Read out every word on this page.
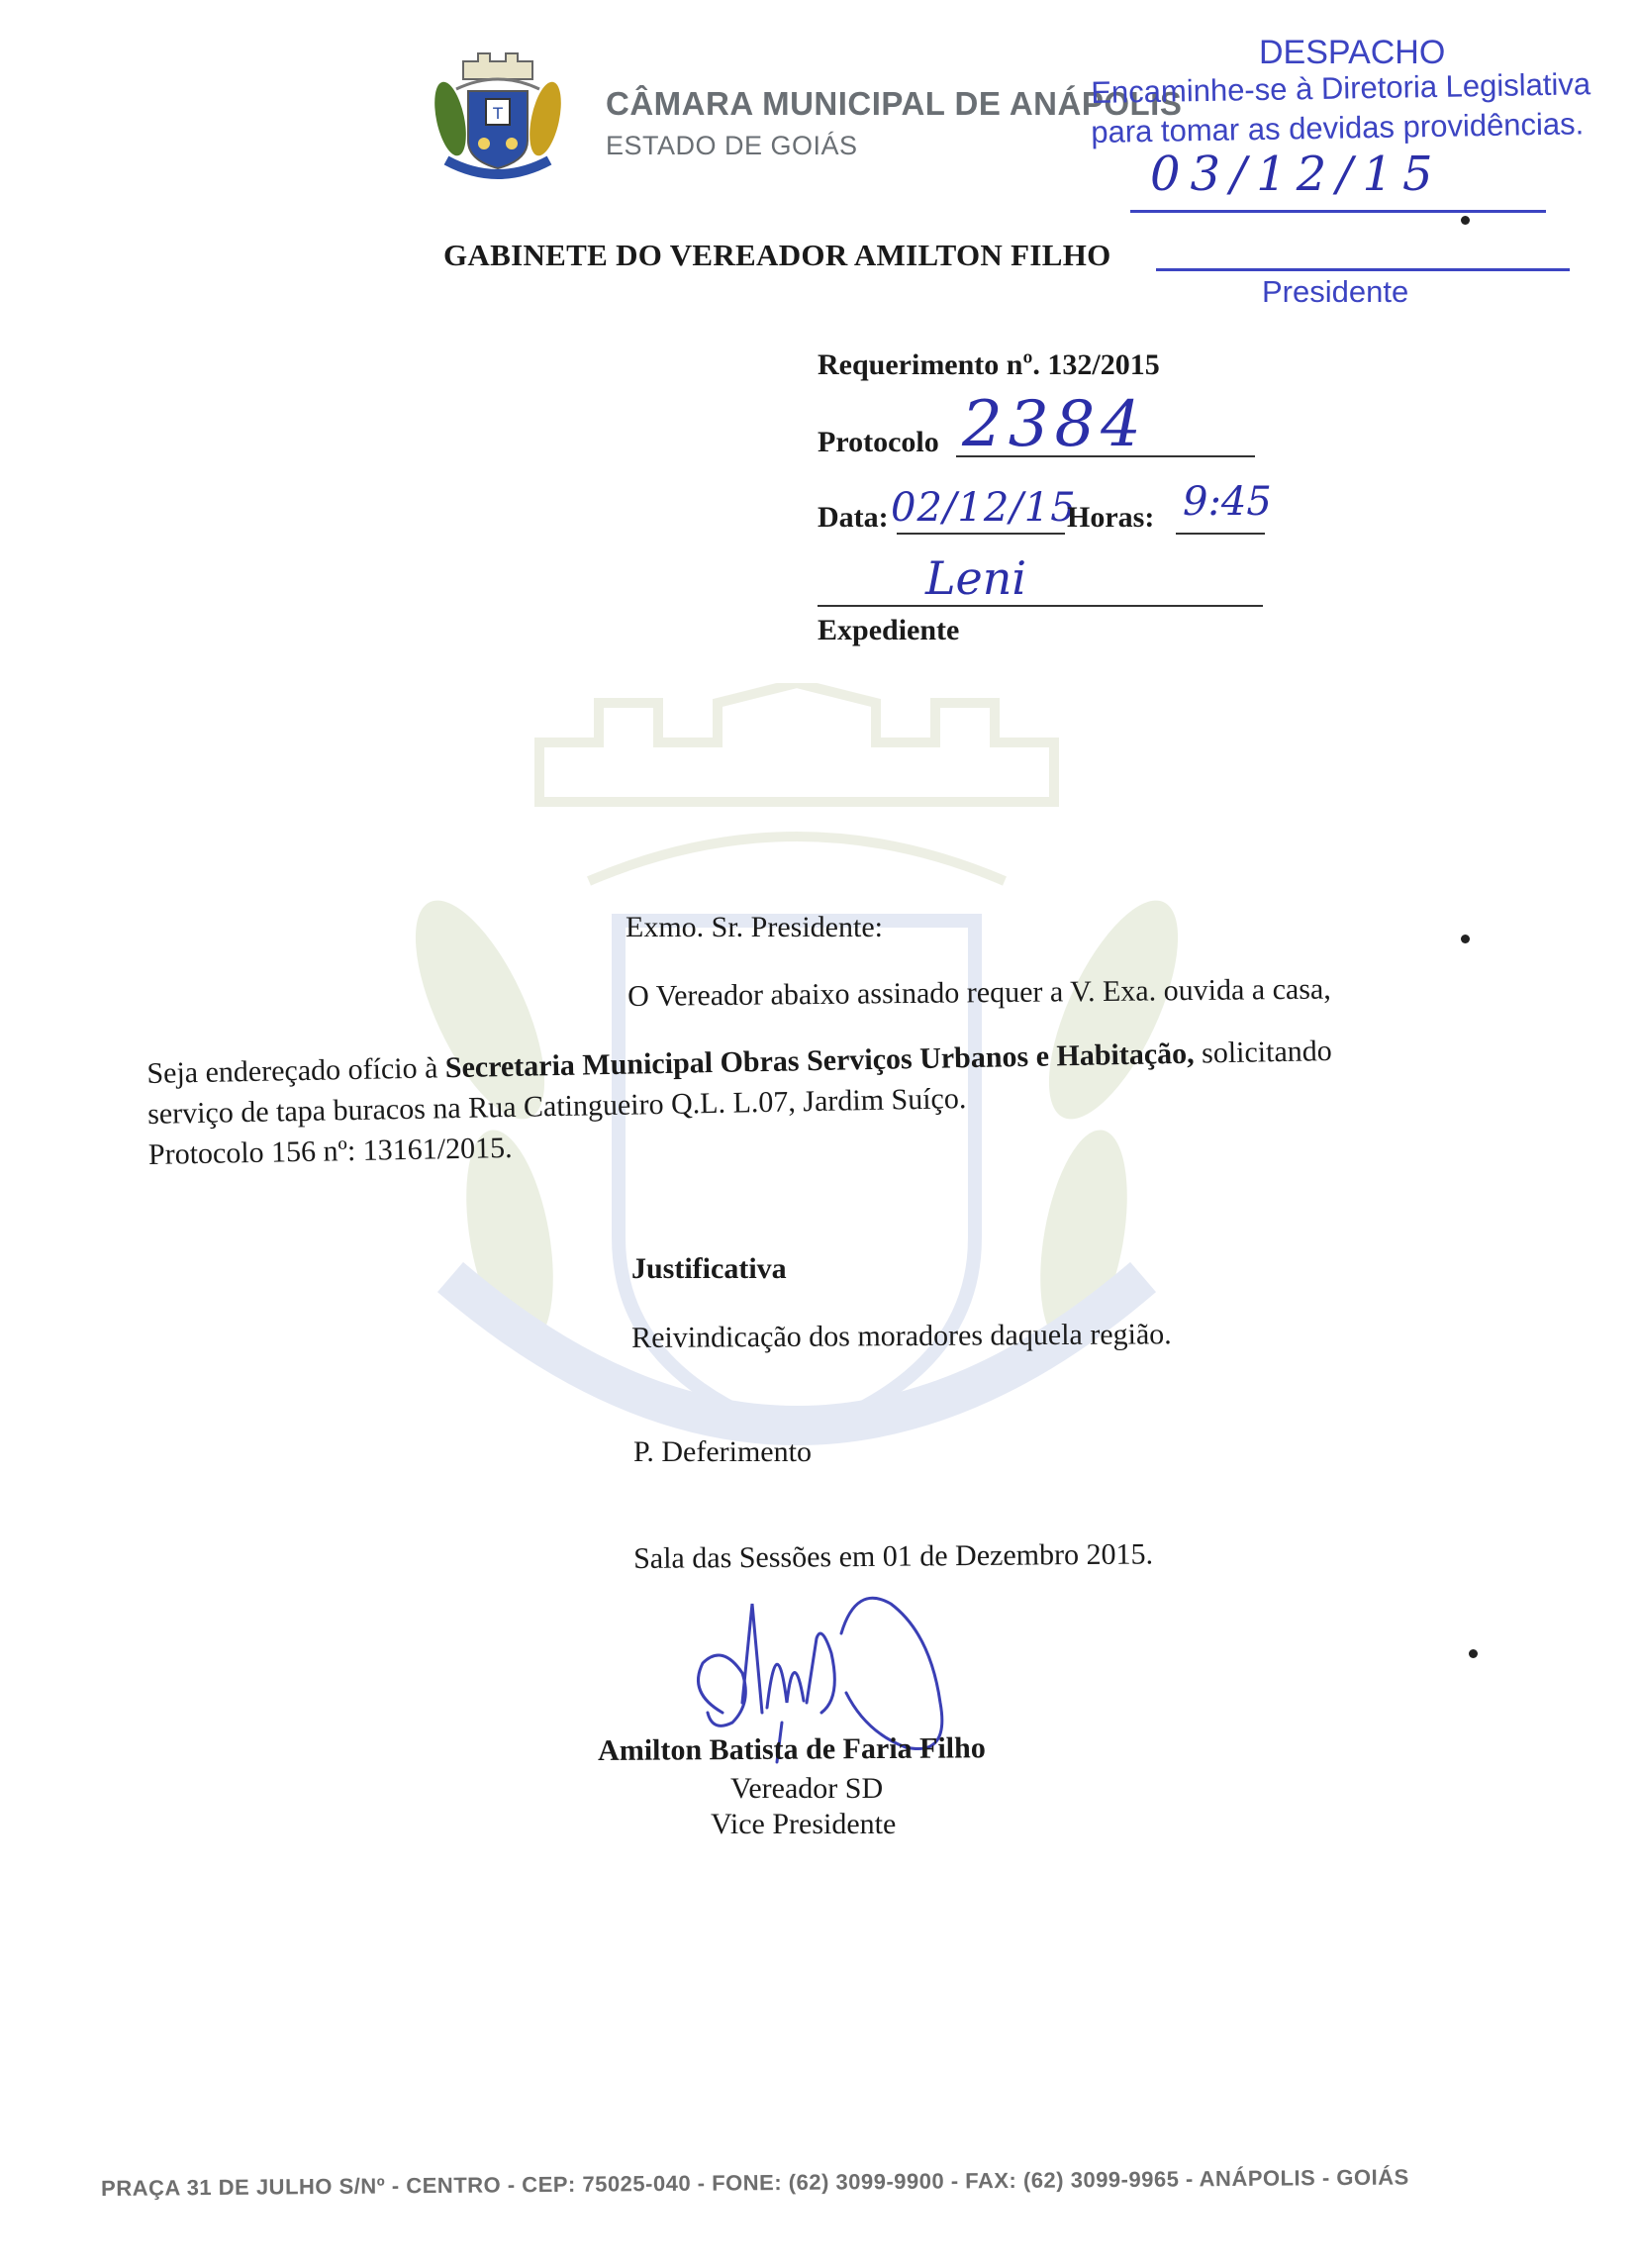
T	CÂMARA MUNICIPAL DE ANÁPOLIS
ESTADO DE GOIÁS
DESPACHO
Encaminhe-se à Diretoria Legislativa
para tomar as devidas providências.
03/12/15
Presidente
GABINETE DO VEREADOR AMILTON FILHO
Requerimento nº. 132/2015
Protocolo 2384
Data: 02/12/15
Horas: 9:45
Leni
Expediente
Exmo. Sr. Presidente:
O Vereador abaixo assinado requer a V. Exa. ouvida a casa,
Seja endereçado ofício à Secretaria Municipal Obras Serviços Urbanos e Habitação, solicitando
serviço de tapa buracos na Rua Catingueiro Q.L. L.07, Jardim Suíço.
Protocolo 156 nº: 13161/2015.
Justificativa
Reivindicação dos moradores daquela região.
P. Deferimento
Sala das Sessões em 01 de Dezembro 2015.
Amilton Batista de Faria Filho
Vereador SD
Vice Presidente
PRAÇA 31 DE JULHO S/Nº - CENTRO - CEP: 75025-040 - FONE: (62) 3099-9900 - FAX: (62) 3099-9965 - ANÁPOLIS - GOIÁS
